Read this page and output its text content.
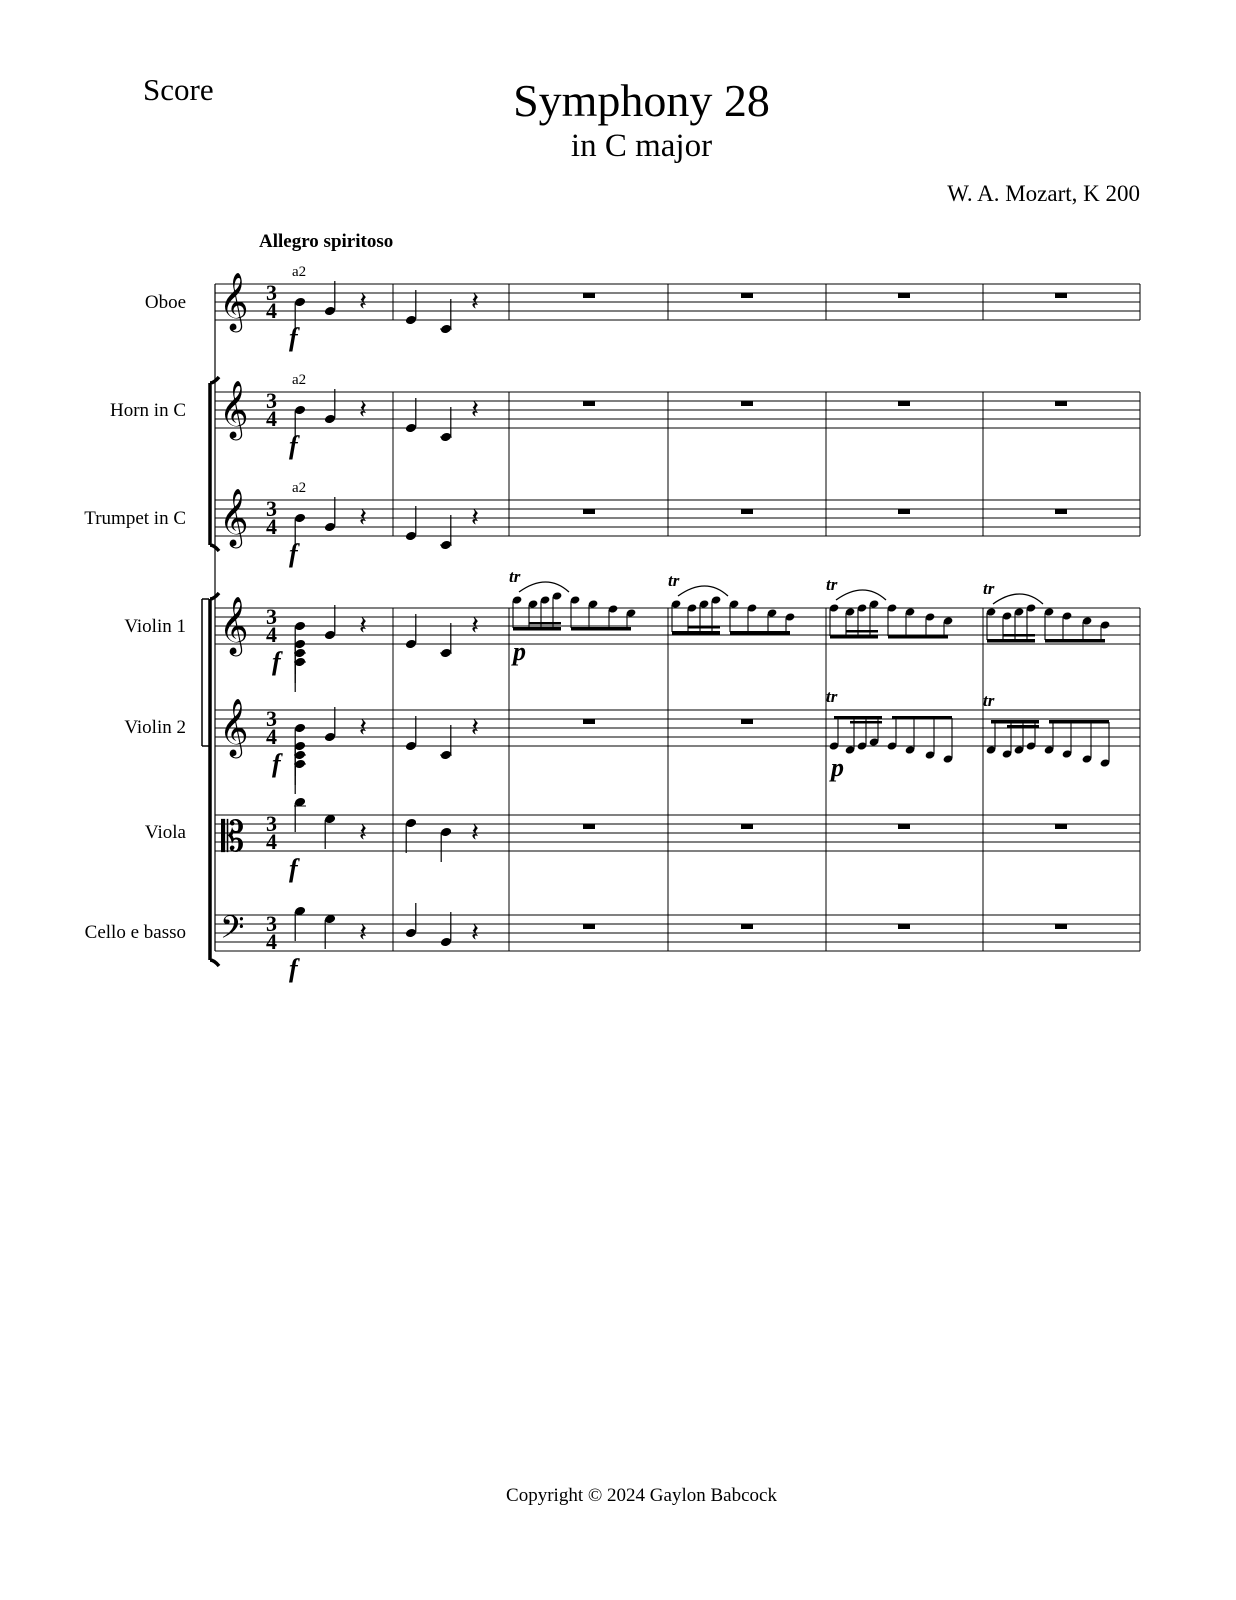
Score	Symphony 28
in C major
W. A. Mozart, K 200
Allegro spiritoso
Oboe
Horn in C
Trumpet in C
Violin 1
Violin 2
Viola
Cello e basso
𝄞 3
4
𝄞 3
4
𝄞 3
4
𝄞 3
4
𝄞 3
4
𝄡 3
4
𝄢 3
4
𝄽	𝄽
a2
f
𝄽	𝄽
a2
f
𝄽	𝄽
a2
f
𝄽	𝄽
f
𝄽	𝄽
f
tr	tr	tr	tr
p
tr	tr
p
𝄽	𝄽
f
𝄽	𝄽
f
Copyright © 2024 Gaylon Babcock
